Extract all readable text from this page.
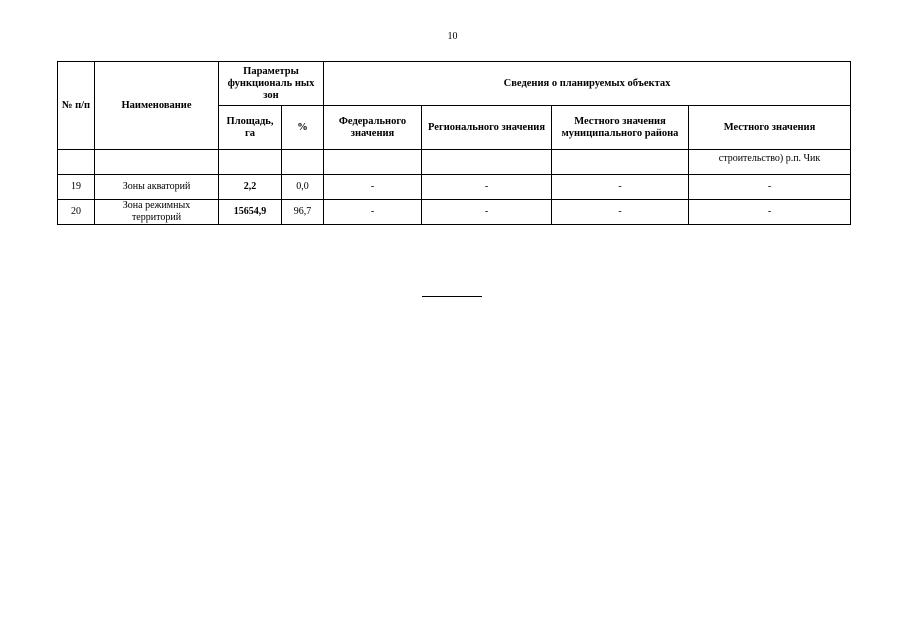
10
№ п/п	Наименование	Параметры функциональ ных зон		Сведения о планируемых объектах			
		Площадь, га	%	Федерального значения	Регионального значения	Местного значения муниципального района	Местного значения
							строительство) р.п. Чик
19	Зоны акваторий	2,2	0,0	-	-	-	-
20	Зона режимных территорий	15654,9	96,7	-	-	-	-
